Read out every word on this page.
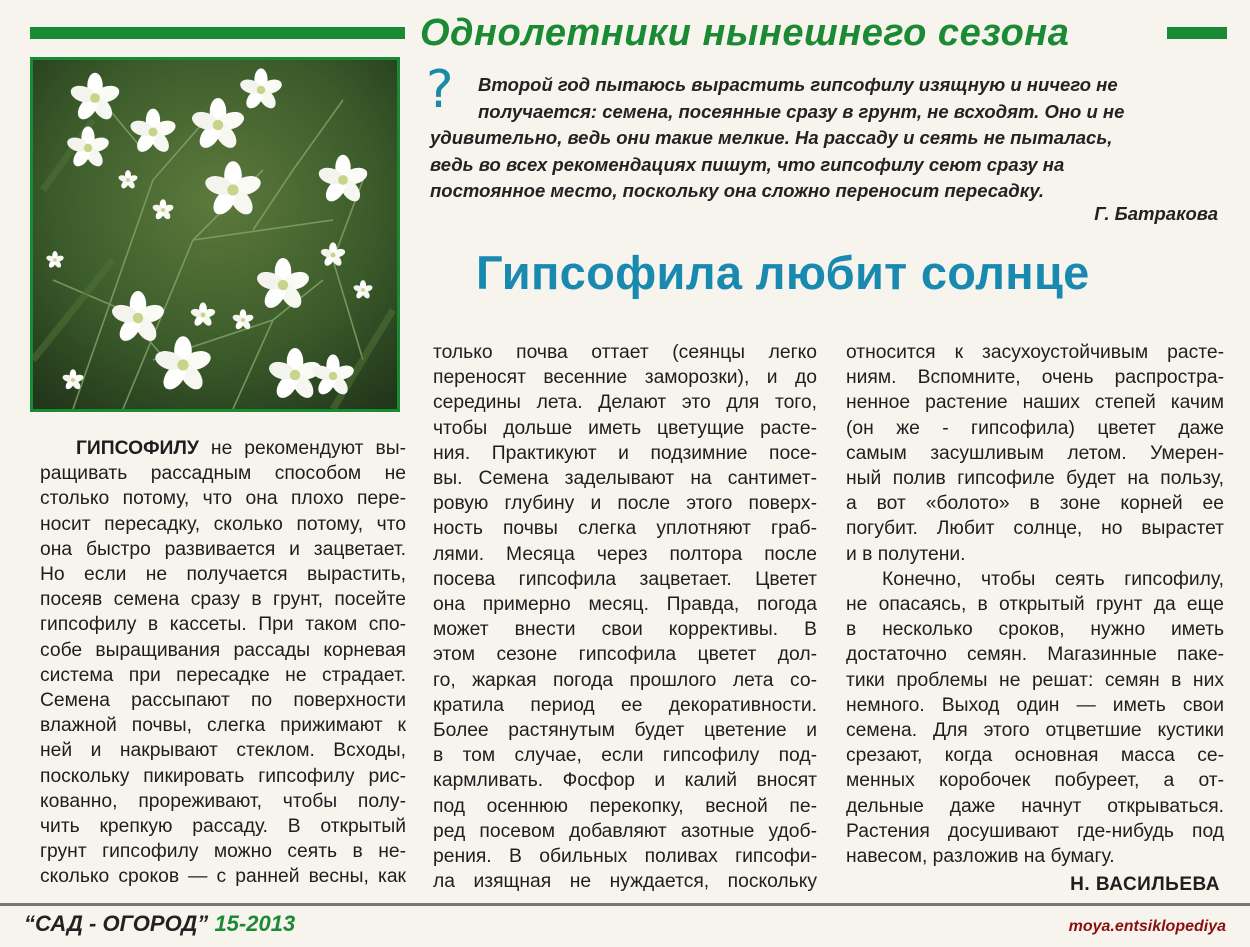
Однолетники нынешнего сезона
?	Второй год пытаюсь вырастить гипсофилу изящную и ничего не
получается: семена, посеянные сразу в грунт, не всходят. Оно и не
удивительно, ведь они такие мелкие. На рассаду и сеять не пыталась,
ведь во всех рекомендациях пишут, что гипсофилу сеют сразу на
постоянное место, поскольку она сложно переносит пересадку.
Г. Батракова
Гипсофила любит солнце
ГИПСОФИЛУ не рекомендуют вы-
ращивать рассадным способом не
столько потому, что она плохо пере-
носит пересадку, сколько потому, что
она быстро развивается и зацветает.
Но если не получается вырастить,
посеяв семена сразу в грунт, посейте
гипсофилу в кассеты. При таком спо-
собе выращивания рассады корневая
система при пересадке не страдает.
Семена рассыпают по поверхности
влажной почвы, слегка прижимают к
ней и накрывают стеклом. Всходы,
поскольку пикировать гипсофилу рис-
кованно, прореживают, чтобы полу-
чить крепкую рассаду. В открытый
грунт гипсофилу можно сеять в не-
сколько сроков — с ранней весны, как
только почва оттает (сеянцы легко
переносят весенние заморозки), и до
середины лета. Делают это для того,
чтобы дольше иметь цветущие расте-
ния. Практикуют и подзимние посе-
вы. Семена заделывают на сантимет-
ровую глубину и после этого поверх-
ность почвы слегка уплотняют граб-
лями. Месяца через полтора после
посева гипсофила зацветает. Цветет
она примерно месяц. Правда, погода
может внести свои коррективы. В
этом сезоне гипсофила цветет дол-
го, жаркая погода прошлого лета со-
кратила период ее декоративности.
Более растянутым будет цветение и
в том случае, если гипсофилу под-
кармливать. Фосфор и калий вносят
под осеннюю перекопку, весной пе-
ред посевом добавляют азотные удоб-
рения. В обильных поливах гипсофи-
ла изящная не нуждается, поскольку
относится к засухоустойчивым расте-
ниям. Вспомните, очень распростра-
ненное растение наших степей качим
(он же - гипсофила) цветет даже
самым засушливым летом. Умерен-
ный полив гипсофиле будет на пользу,
а вот «болото» в зоне корней ее
погубит. Любит солнце, но вырастет
и в полутени.
Конечно, чтобы сеять гипсофилу,
не опасаясь, в открытый грунт да еще
в несколько сроков, нужно иметь
достаточно семян. Магазинные паке-
тики проблемы не решат: семян в них
немного. Выход один — иметь свои
семена. Для этого отцветшие кустики
срезают, когда основная масса се-
менных коробочек побуреет, а от-
дельные даже начнут открываться.
Растения досушивают где-нибудь под
навесом, разложив на бумагу.
Н. ВАСИЛЬЕВА
“САД - ОГОРОД” 15-2013	moya.entsiklopediya
